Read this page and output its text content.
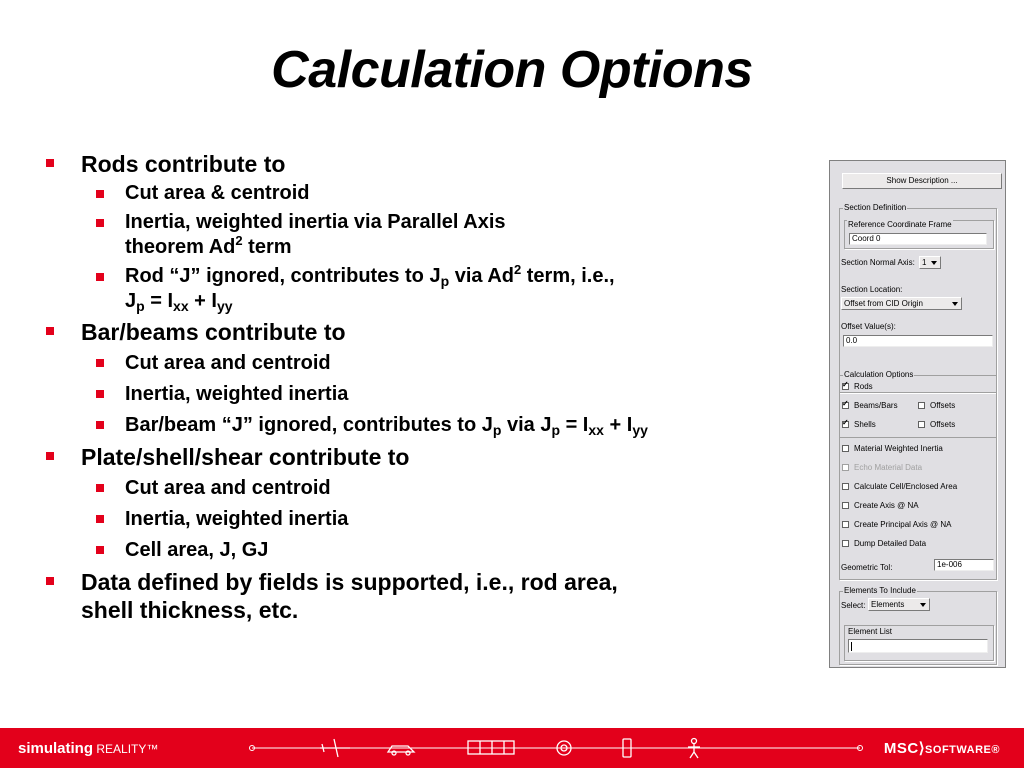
Calculation Options
Rods contribute to
Cut area & centroid
Inertia, weighted inertia via Parallel Axis
theorem Ad$^2$ term
Rod “J” ignored, contributes to $J_p$ via Ad$^2$ term, i.e.,
$J_p = I_{xx} + I_{yy}$
Bar/beams contribute to
Cut area and centroid
Inertia, weighted inertia
Bar/beam “J” ignored, contributes to $J_p$ via $J_p = I_{xx} + I_{yy}$
Plate/shell/shear contribute to
Cut area and centroid
Inertia, weighted inertia
Cell area, J, GJ
Data defined by fields is supported, i.e., rod area,
shell thickness, etc.
Show Description ...
Section Definition
Reference Coordinate Frame
Coord 0
Section Normal Axis: 1
Section Location:
Offset from CID Origin
Offset Value(s):
0.0
Calculation Options
✓
Rods
✓
Beams/Bars	Offsets
✓
Shells	Offsets
Material Weighted Inertia
Echo Material Data
Calculate Cell/Enclosed Area
Create Axis @ NA
Create Principal Axis @ NA
Dump Detailed Data
Geometric Tol:	1e-006
Elements To Include
Select: Elements
Element List
simulating REALITY™	MSC⟩SOFTWARE®
